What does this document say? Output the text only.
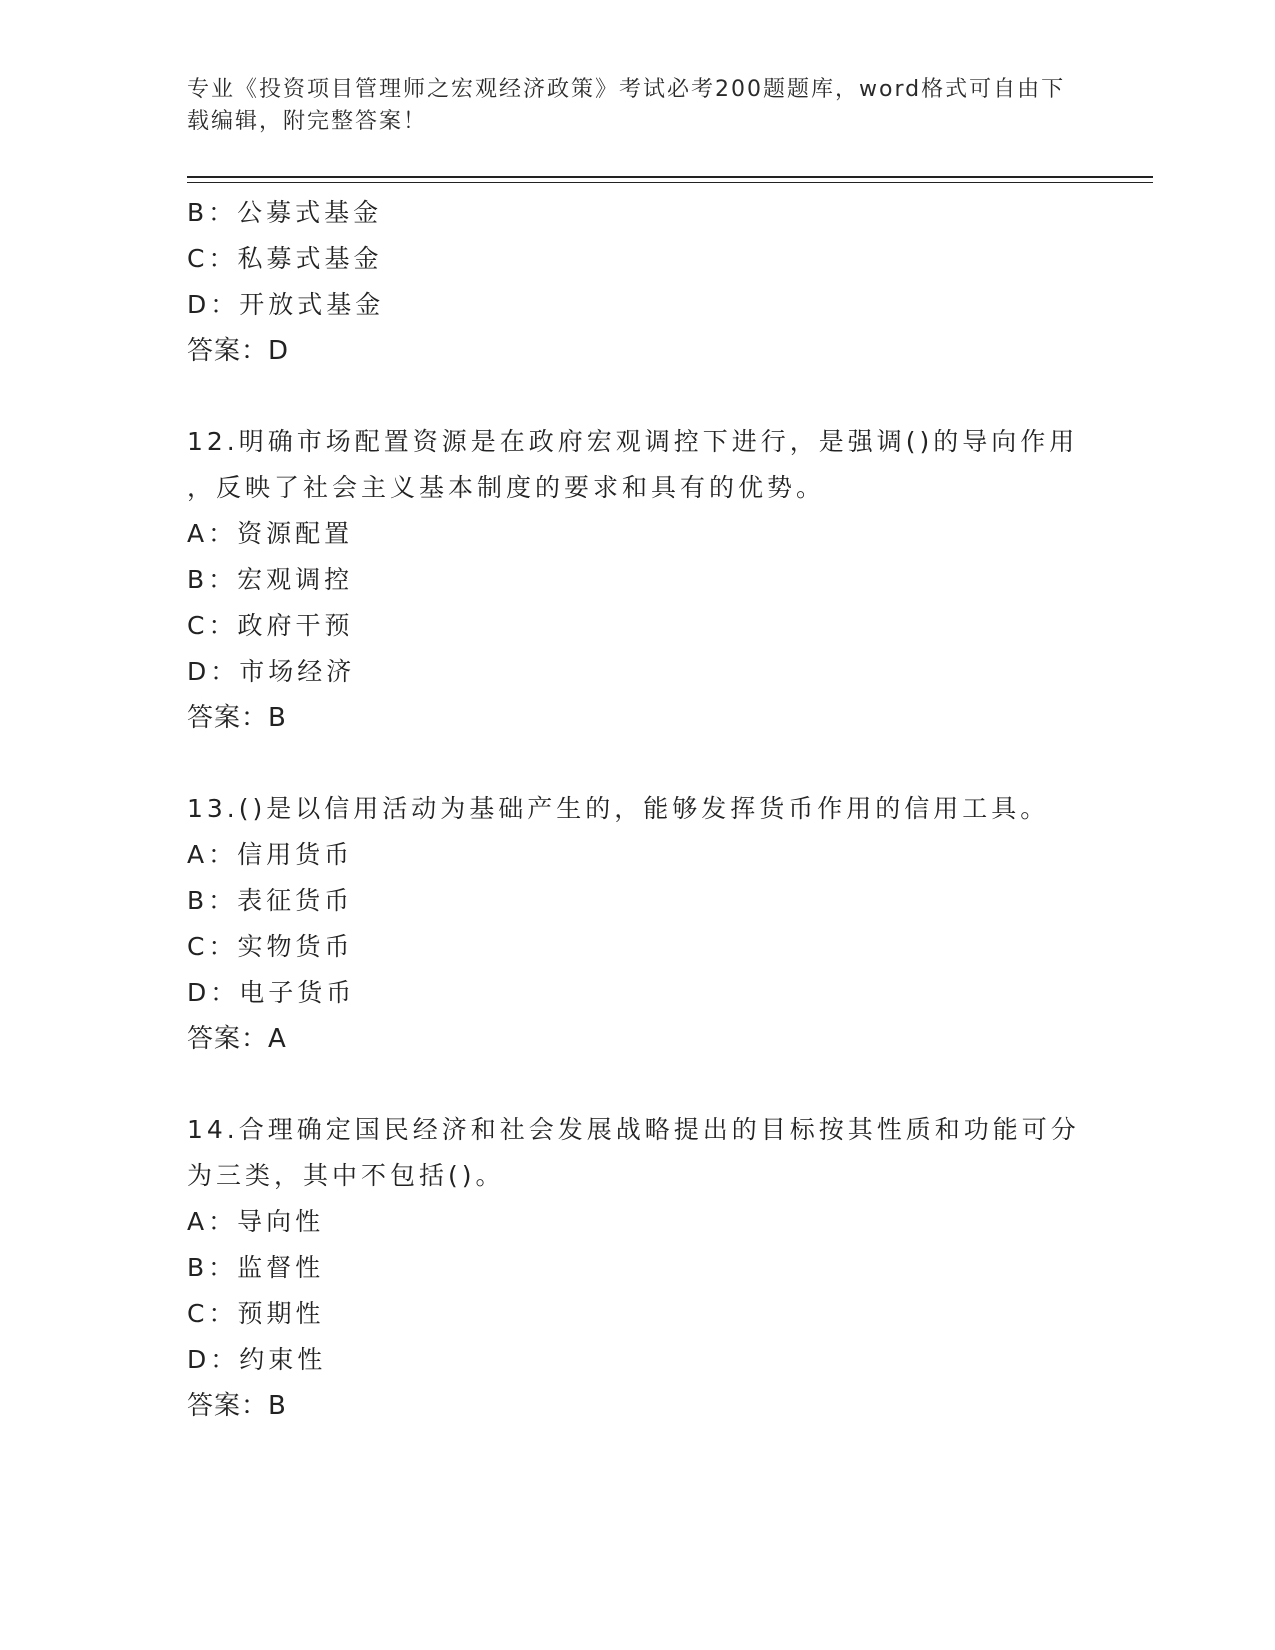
专业《投资项目管理师之宏观经济政策》考试必考200题题库，word格式可自由下载编辑，附完整答案！
B：公募式基金
C：私募式基金
D：开放式基金
答案：D
12.明确市场配置资源是在政府宏观调控下进行，是强调()的导向作用
，反映了社会主义基本制度的要求和具有的优势。
A：资源配置
B：宏观调控
C：政府干预
D：市场经济
答案：B
13.()是以信用活动为基础产生的，能够发挥货币作用的信用工具。
A：信用货币
B：表征货币
C：实物货币
D：电子货币
答案：A
14.合理确定国民经济和社会发展战略提出的目标按其性质和功能可分
为三类，其中不包括()。
A：导向性
B：监督性
C：预期性
D：约束性
答案：B
